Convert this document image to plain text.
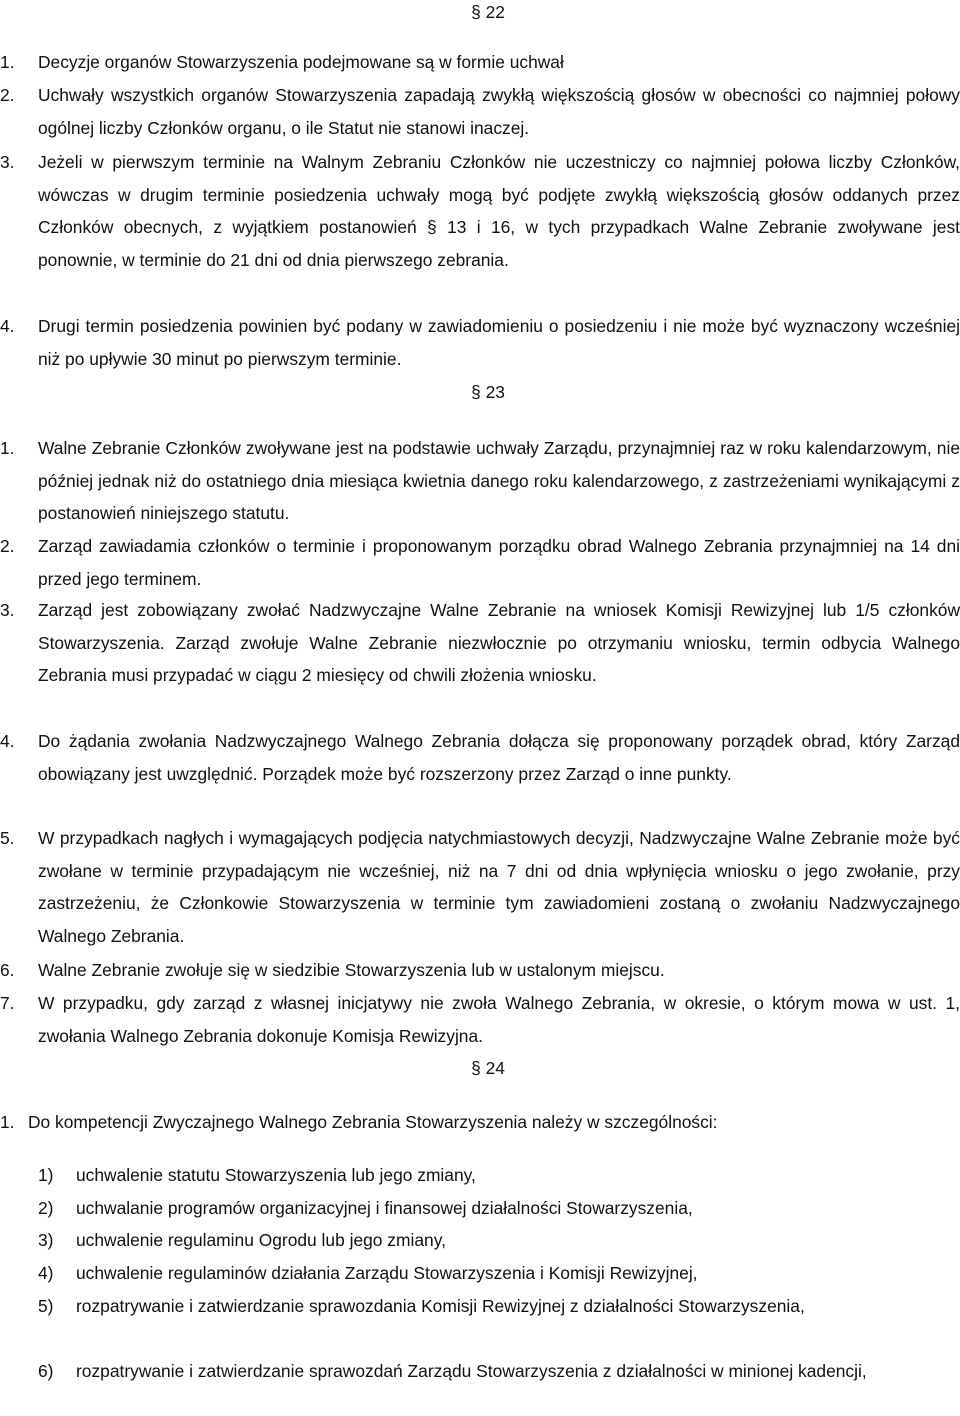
§ 22
1. Decyzje organów Stowarzyszenia podejmowane są w formie uchwał
2. Uchwały wszystkich organów Stowarzyszenia zapadają zwykłą większością głosów w obecności co najmniej połowy ogólnej liczby Członków organu, o ile Statut nie stanowi inaczej.
3. Jeżeli w pierwszym terminie na Walnym Zebraniu Członków nie uczestniczy co najmniej połowa liczby Członków, wówczas w drugim terminie posiedzenia uchwały mogą być podjęte zwykłą większością głosów oddanych przez Członków obecnych, z wyjątkiem postanowień § 13 i 16, w tych przypadkach Walne Zebranie zwoływane jest ponownie, w terminie do 21 dni od dnia pierwszego zebrania.
4. Drugi termin posiedzenia powinien być podany w zawiadomieniu o posiedzeniu i nie może być wyznaczony wcześniej niż po upływie 30 minut po pierwszym terminie.
§ 23
1. Walne Zebranie Członków zwoływane jest na podstawie uchwały Zarządu, przynajmniej raz w roku kalendarzowym, nie później jednak niż do ostatniego dnia miesiąca kwietnia danego roku kalendarzowego, z zastrzeżeniami wynikającymi z postanowień niniejszego statutu.
2. Zarząd zawiadamia członków o terminie i proponowanym porządku obrad Walnego Zebrania przynajmniej na 14 dni przed jego terminem.
3. Zarząd jest zobowiązany zwołać Nadzwyczajne Walne Zebranie na wniosek Komisji Rewizyjnej lub 1/5 członków Stowarzyszenia. Zarząd zwołuje Walne Zebranie niezwłocznie po otrzymaniu wniosku, termin odbycia Walnego Zebrania musi przypadać w ciągu 2 miesięcy od chwili złożenia wniosku.
4. Do żądania zwołania Nadzwyczajnego Walnego Zebrania dołącza się proponowany porządek obrad, który Zarząd obowiązany jest uwzględnić. Porządek może być rozszerzony przez Zarząd o inne punkty.
5. W przypadkach nagłych i wymagających podjęcia natychmiastowych decyzji, Nadzwyczajne Walne Zebranie może być zwołane w terminie przypadającym nie wcześniej, niż na 7 dni od dnia wpłynięcia wniosku o jego zwołanie, przy zastrzeżeniu, że Członkowie Stowarzyszenia w terminie tym zawiadomieni zostaną o zwołaniu Nadzwyczajnego Walnego Zebrania.
6. Walne Zebranie zwołuje się w siedzibie Stowarzyszenia lub w ustalonym miejscu.
7. W przypadku, gdy zarząd z własnej inicjatywy nie zwoła Walnego Zebrania, w okresie, o którym mowa w ust. 1, zwołania Walnego Zebrania dokonuje Komisja Rewizyjna.
§ 24
1. Do kompetencji Zwyczajnego Walnego Zebrania Stowarzyszenia należy w szczególności:
1) uchwalenie statutu Stowarzyszenia lub jego zmiany,
2) uchwalanie programów organizacyjnej i finansowej działalności Stowarzyszenia,
3) uchwalenie regulaminu Ogrodu lub jego zmiany,
4) uchwalenie regulaminów działania Zarządu Stowarzyszenia i Komisji Rewizyjnej,
5) rozpatrywanie i zatwierdzanie sprawozdania Komisji Rewizyjnej z działalności Stowarzyszenia,
6) rozpatrywanie i zatwierdzanie sprawozdań Zarządu Stowarzyszenia z działalności w minionej kadencji,
